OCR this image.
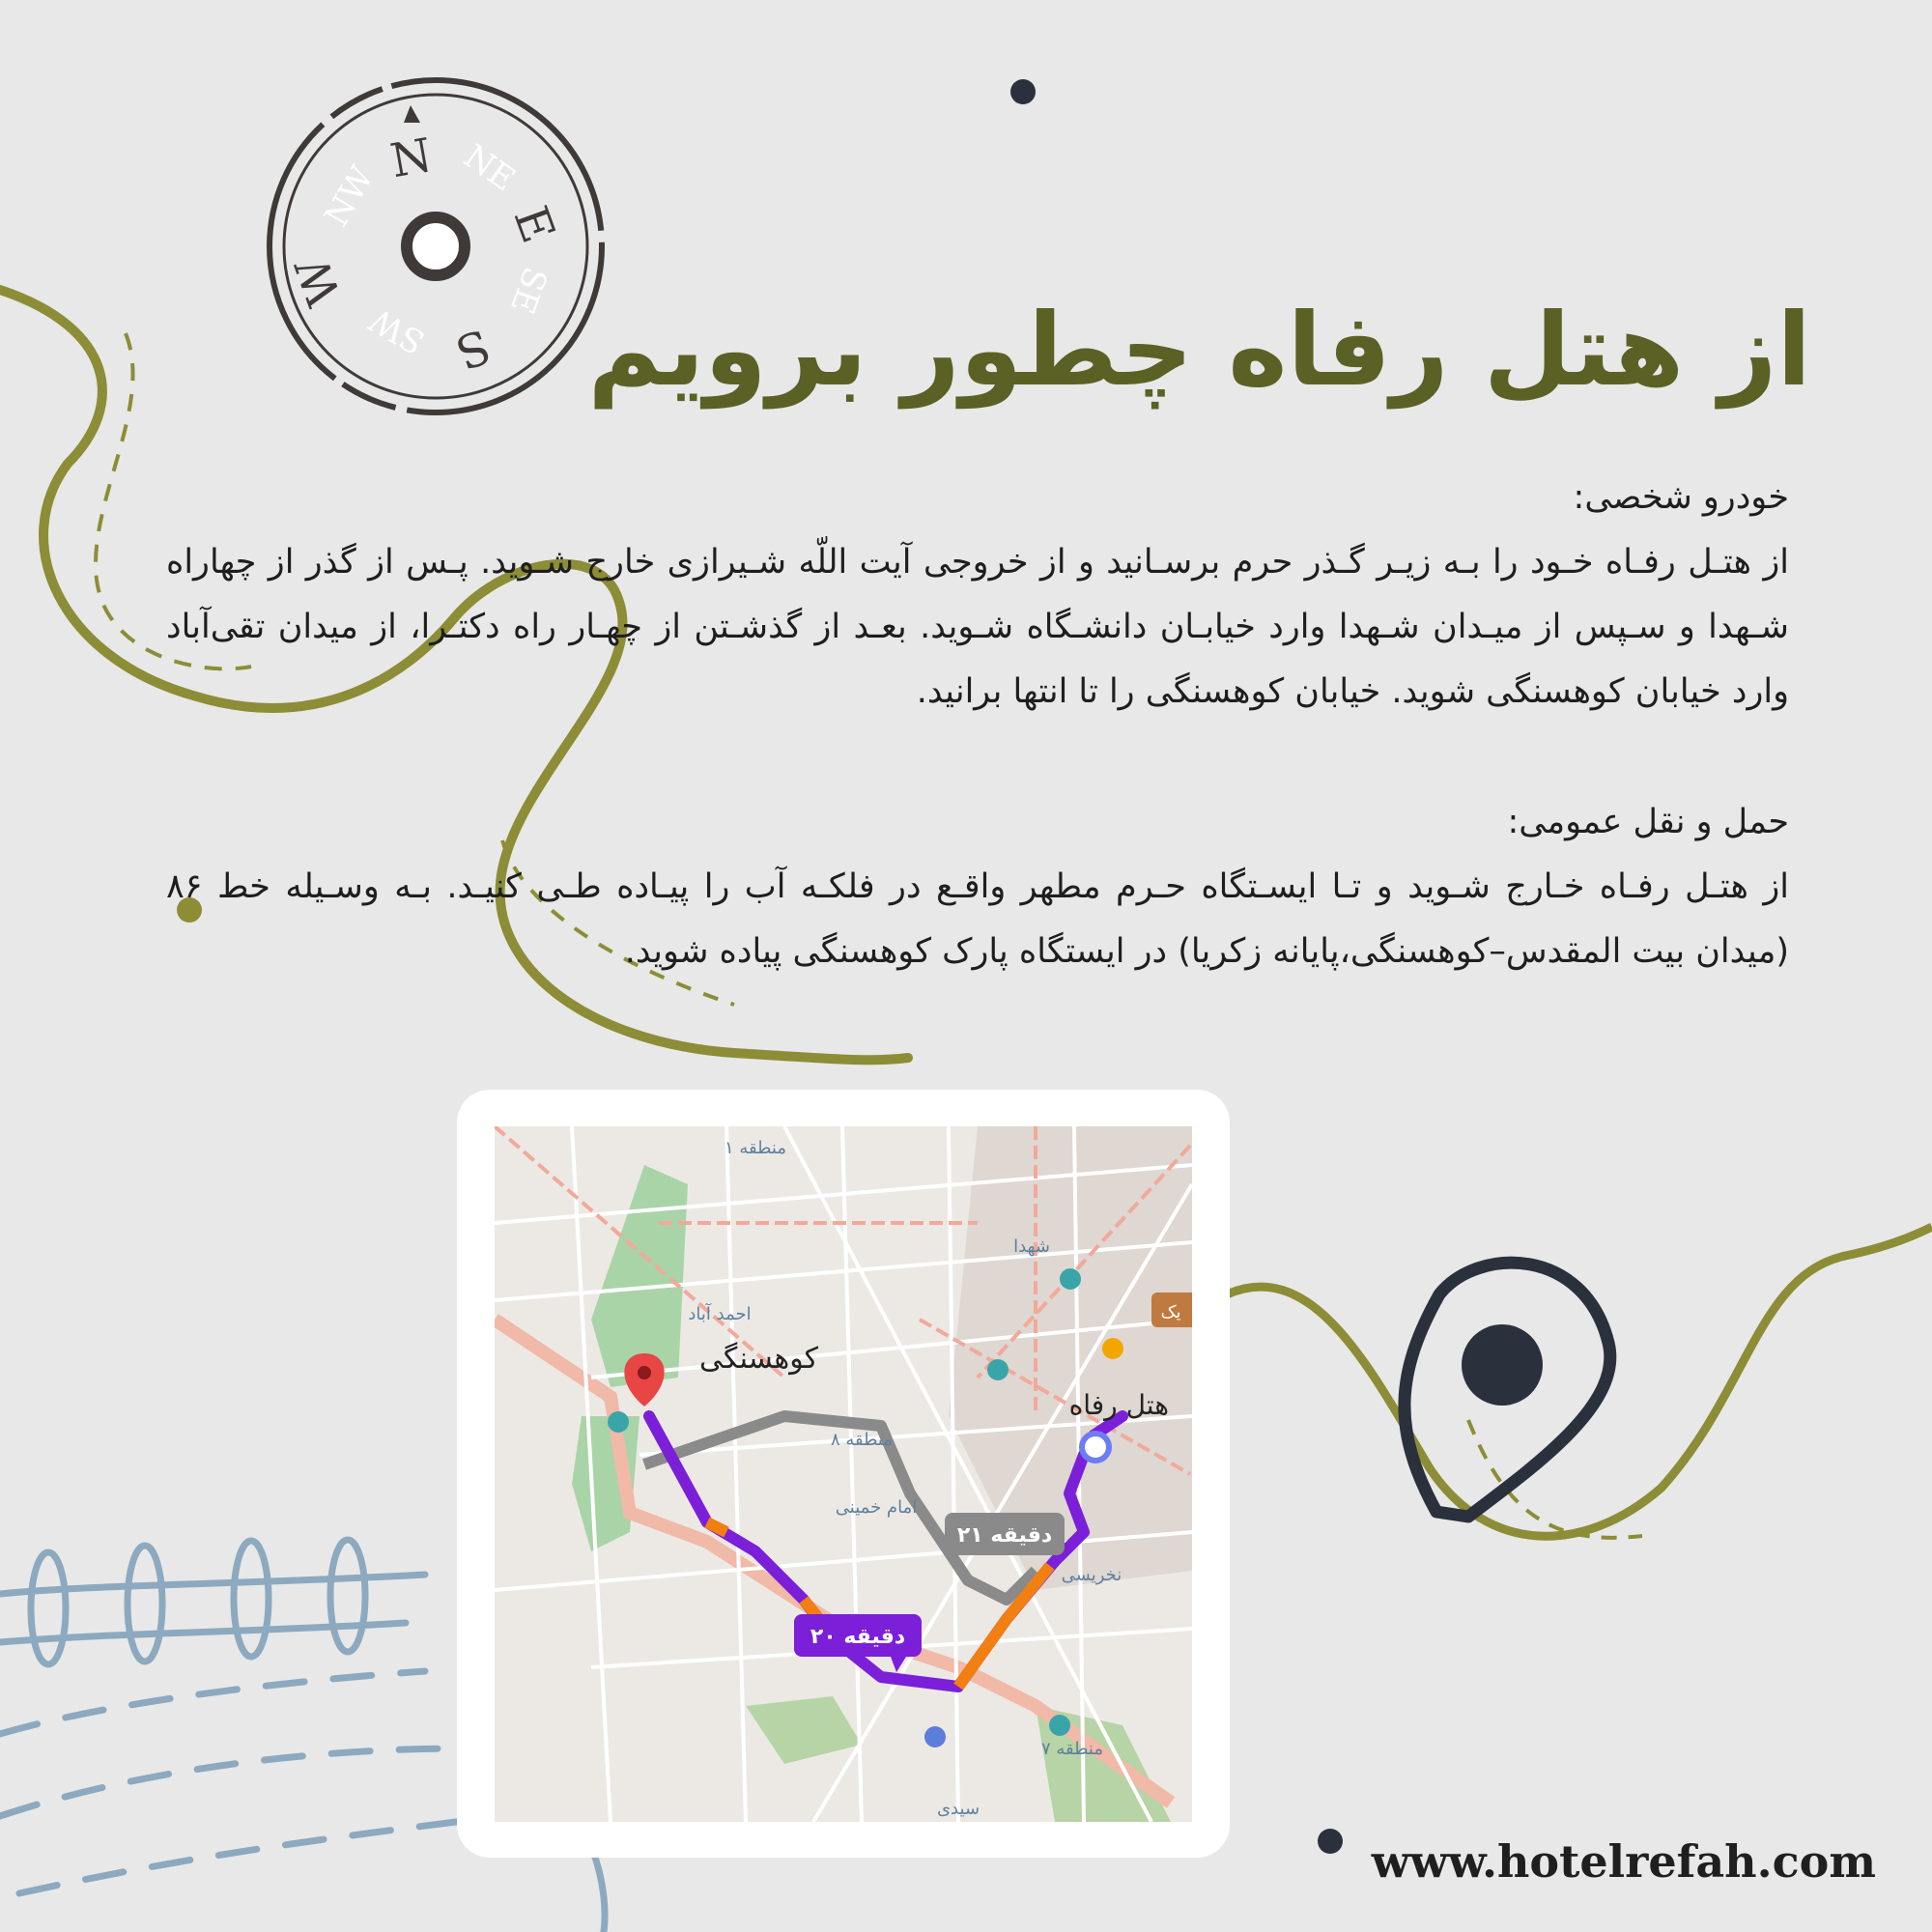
N NE
E
SE
S
SW
W
NW
از هتل رفاه چطور برویم
خودرو شخصی:

از هتـل رفـاه خـود را بـه زیـر گـذر حرم برسـانید و از خروجی آیت اللّه شـیرازی خارج شـوید. پـس از گذر از چهاراه شـهدا و سـپس از میـدان شـهدا وارد خیابـان دانشـگاه شـوید. بعـد از گذشـتن از چهـار راه دکتـرا، از میدان تقی‌آباد وارد خیابان کوهسنگی شوید. خیابان کوهسنگی را تا انتها برانید.

حمل و نقل عمومی:

از هتـل رفـاه خـارج شـوید و تـا ایسـتگاه حـرم مطهر واقـع در فلکـه آب را پیـاده طـی کنیـد. بـه وسـیله خط ۸۶ (میدان بیت المقدس–کوهسنگی،پایانه زکریا) در ایستگاه پارک کوهسنگی پیاده شوید.

کوهسنگی
هتل رفاه
۲۰ دقیقه
۲۱ دقیقه
منطقه ۱
شهدا
احمد آباد
منطقه ۸
امام خمینی
نخریسی
منطقه ۷
سیدی
یک

www.hotelrefah.com
